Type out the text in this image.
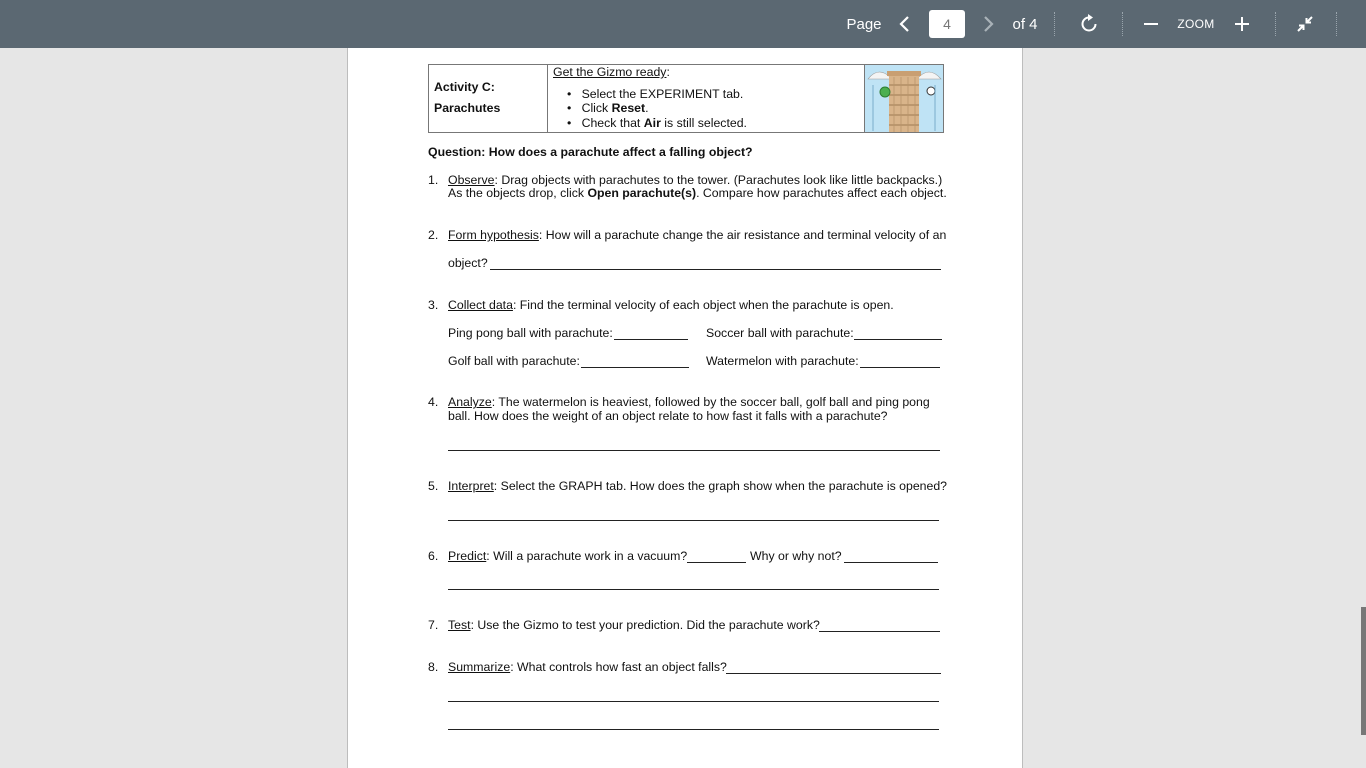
Page	4	of 4	ZOOM
Activity C:
Parachutes
Get the Gizmo ready:
•   Select the EXPERIMENT tab.
•   Click Reset.
•   Check that Air is still selected.
Question: How does a parachute affect a falling object?
1. Observe: Drag objects with parachutes to the tower. (Parachutes look like little backpacks.)
As the objects drop, click Open parachute(s). Compare how parachutes affect each object.
2. Form hypothesis: How will a parachute change the air resistance and terminal velocity of an
object?
3. Collect data: Find the terminal velocity of each object when the parachute is open.
Ping pong ball with parachute:	Soccer ball with parachute:
Golf ball with parachute:	Watermelon with parachute:
4. Analyze: The watermelon is heaviest, followed by the soccer ball, golf ball and ping pong
ball. How does the weight of an object relate to how fast it falls with a parachute?
5. Interpret: Select the GRAPH tab. How does the graph show when the parachute is opened?
6. Predict: Will a parachute work in a vacuum?	Why or why not?
7. Test: Use the Gizmo to test your prediction. Did the parachute work?
8. Summarize: What controls how fast an object falls?
